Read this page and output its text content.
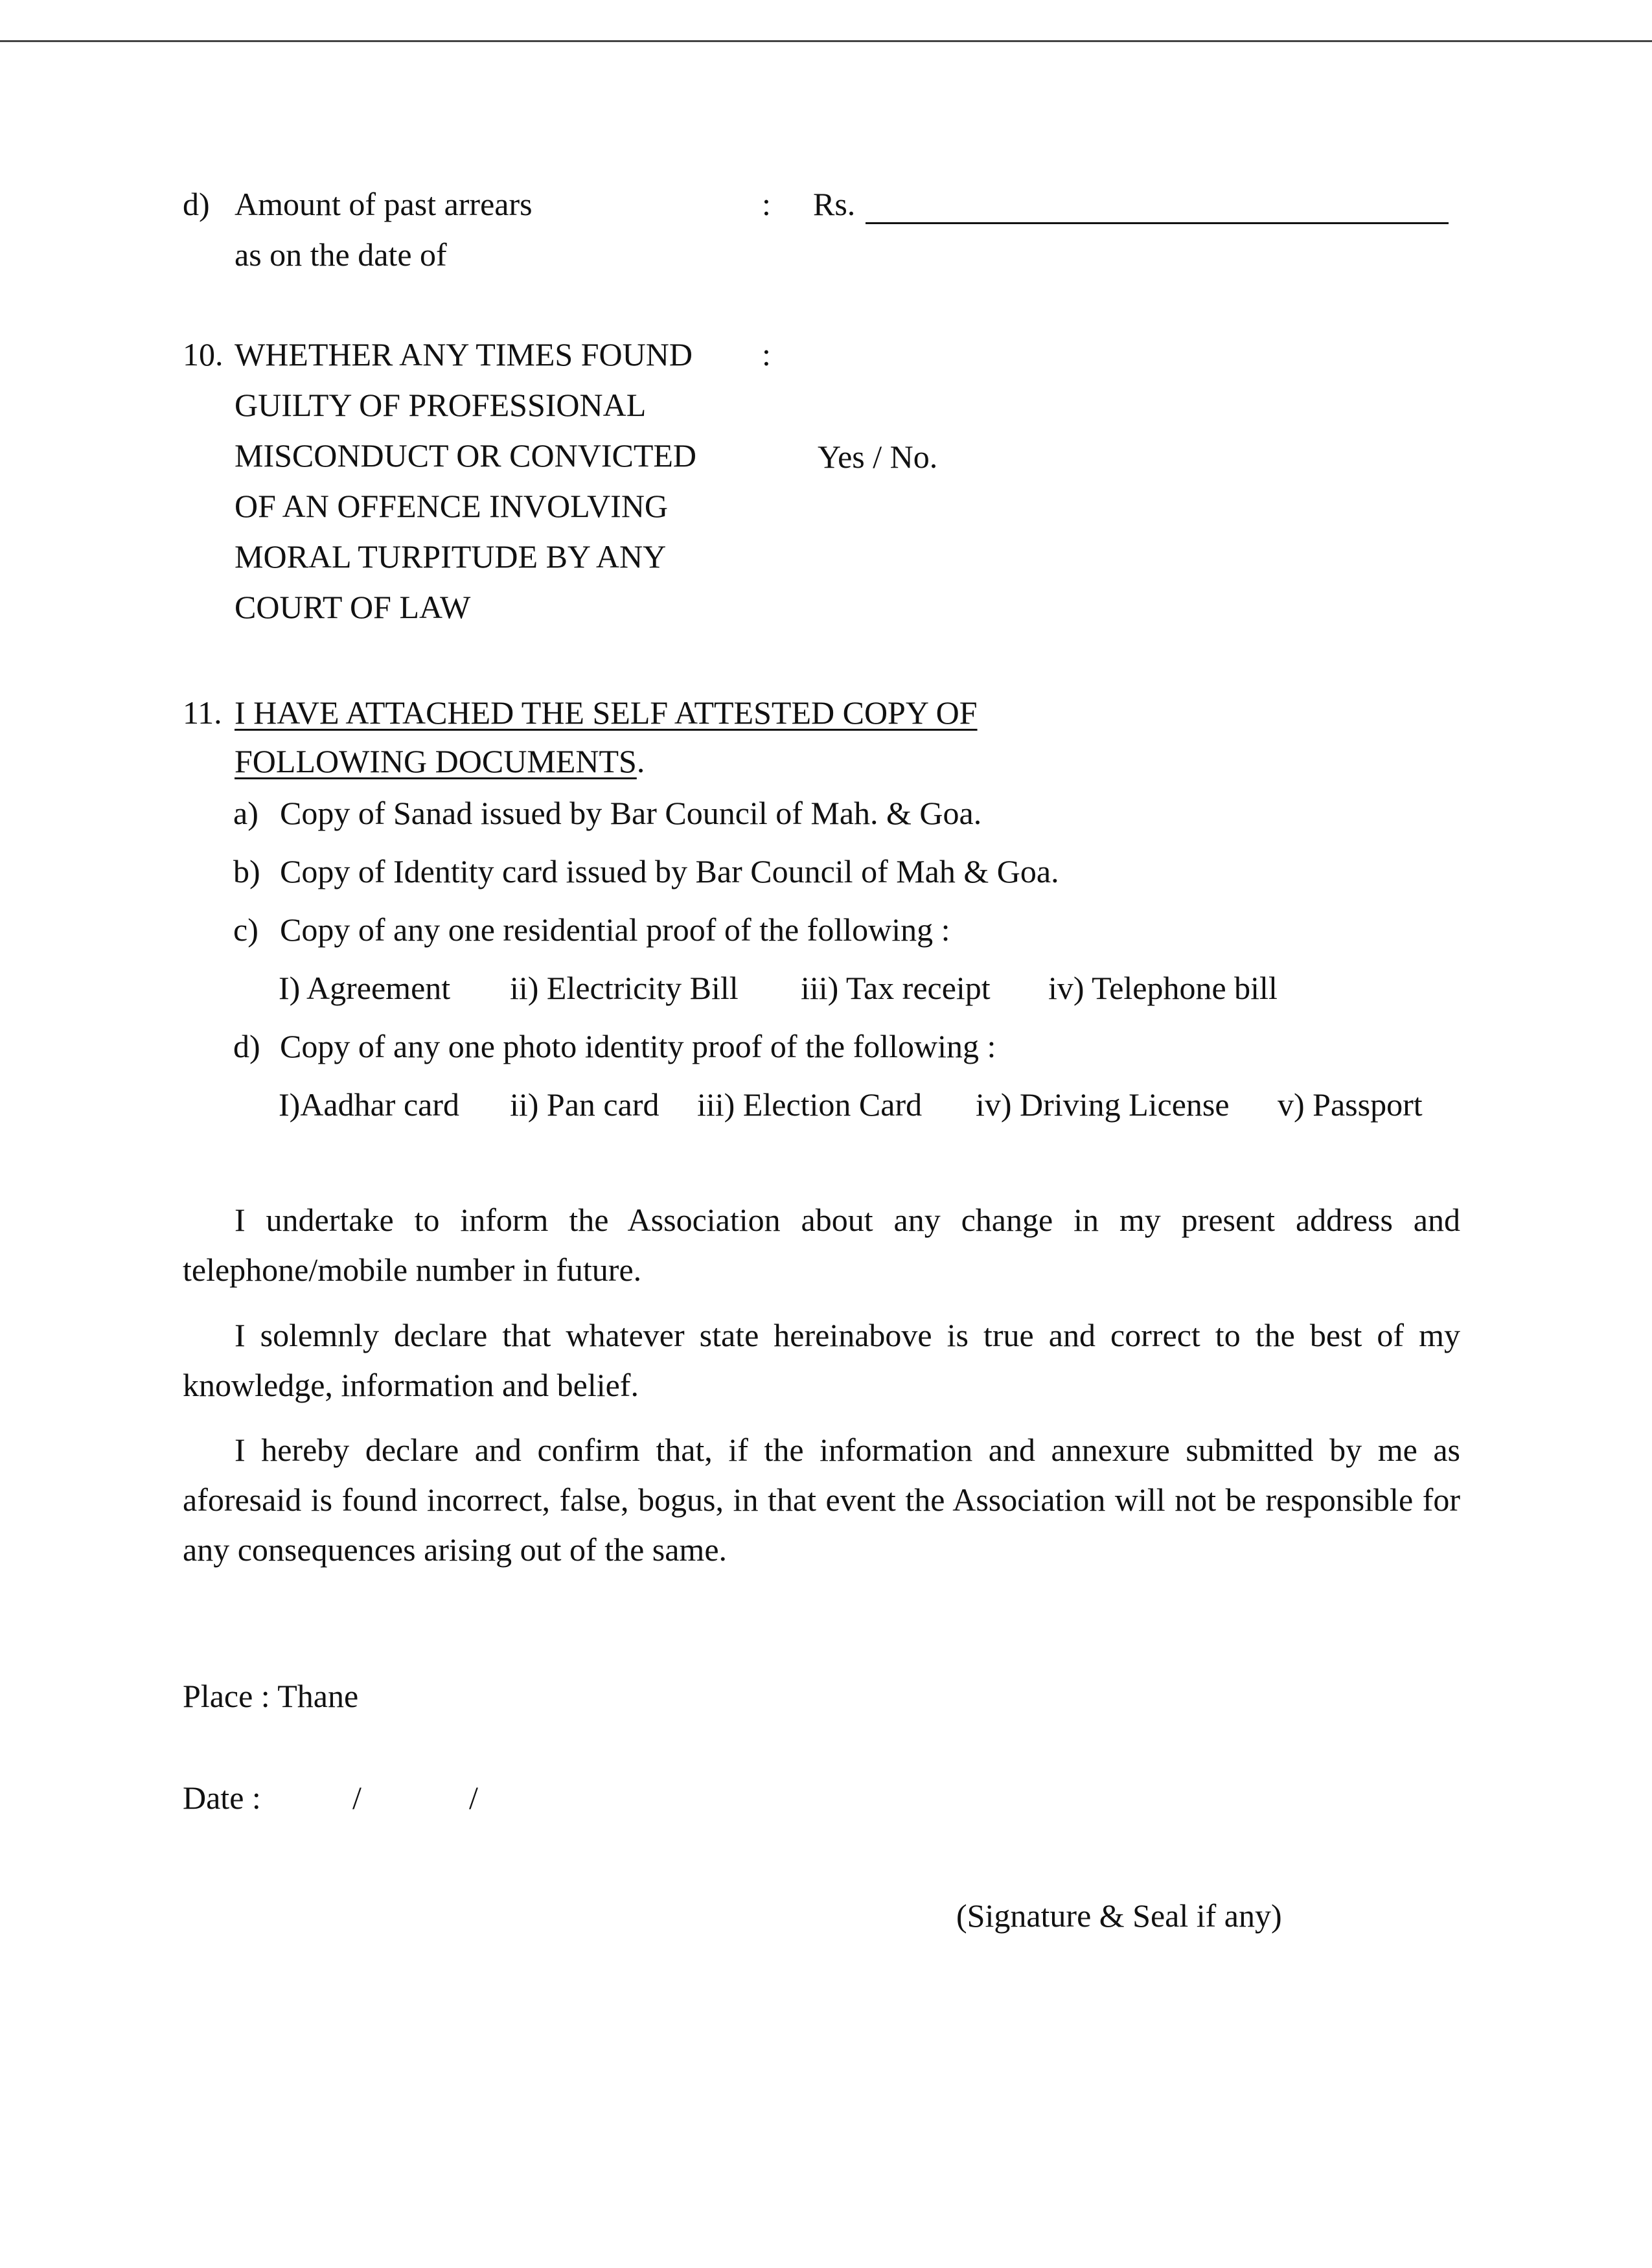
d) Amount of past arrears
as on the date of
: Rs.
10. WHETHER ANY TIMES FOUND
GUILTY OF PROFESSIONAL
MISCONDUCT OR CONVICTED
OF AN OFFENCE INVOLVING
MORAL TURPITUDE BY ANY
COURT OF LAW
:
Yes / No.
11. I HAVE ATTACHED THE SELF ATTESTED COPY OF
FOLLOWING DOCUMENTS.
a) Copy of Sanad issued by Bar Council of Mah. & Goa.
b) Copy of Identity card issued by Bar Council of Mah & Goa.
c) Copy of any one residential proof of the following :
I) Agreement ii) Electricity Bill iii) Tax receipt iv) Telephone bill
d) Copy of any one photo identity proof of the following :
I)Aadhar card ii) Pan card iii) Election Card iv) Driving License v) Passport
I undertake to inform the Association about any change in my present address and telephone/mobile number in future.
I solemnly declare that whatever state hereinabove is true and correct to the best of my knowledge, information and belief.
I hereby declare and confirm that, if the information and annexure submitted by me as aforesaid is found incorrect, false, bogus, in that event the Association will not be responsible for any consequences arising out of the same.
Place : Thane
Date :	/	/
(Signature & Seal if any)
